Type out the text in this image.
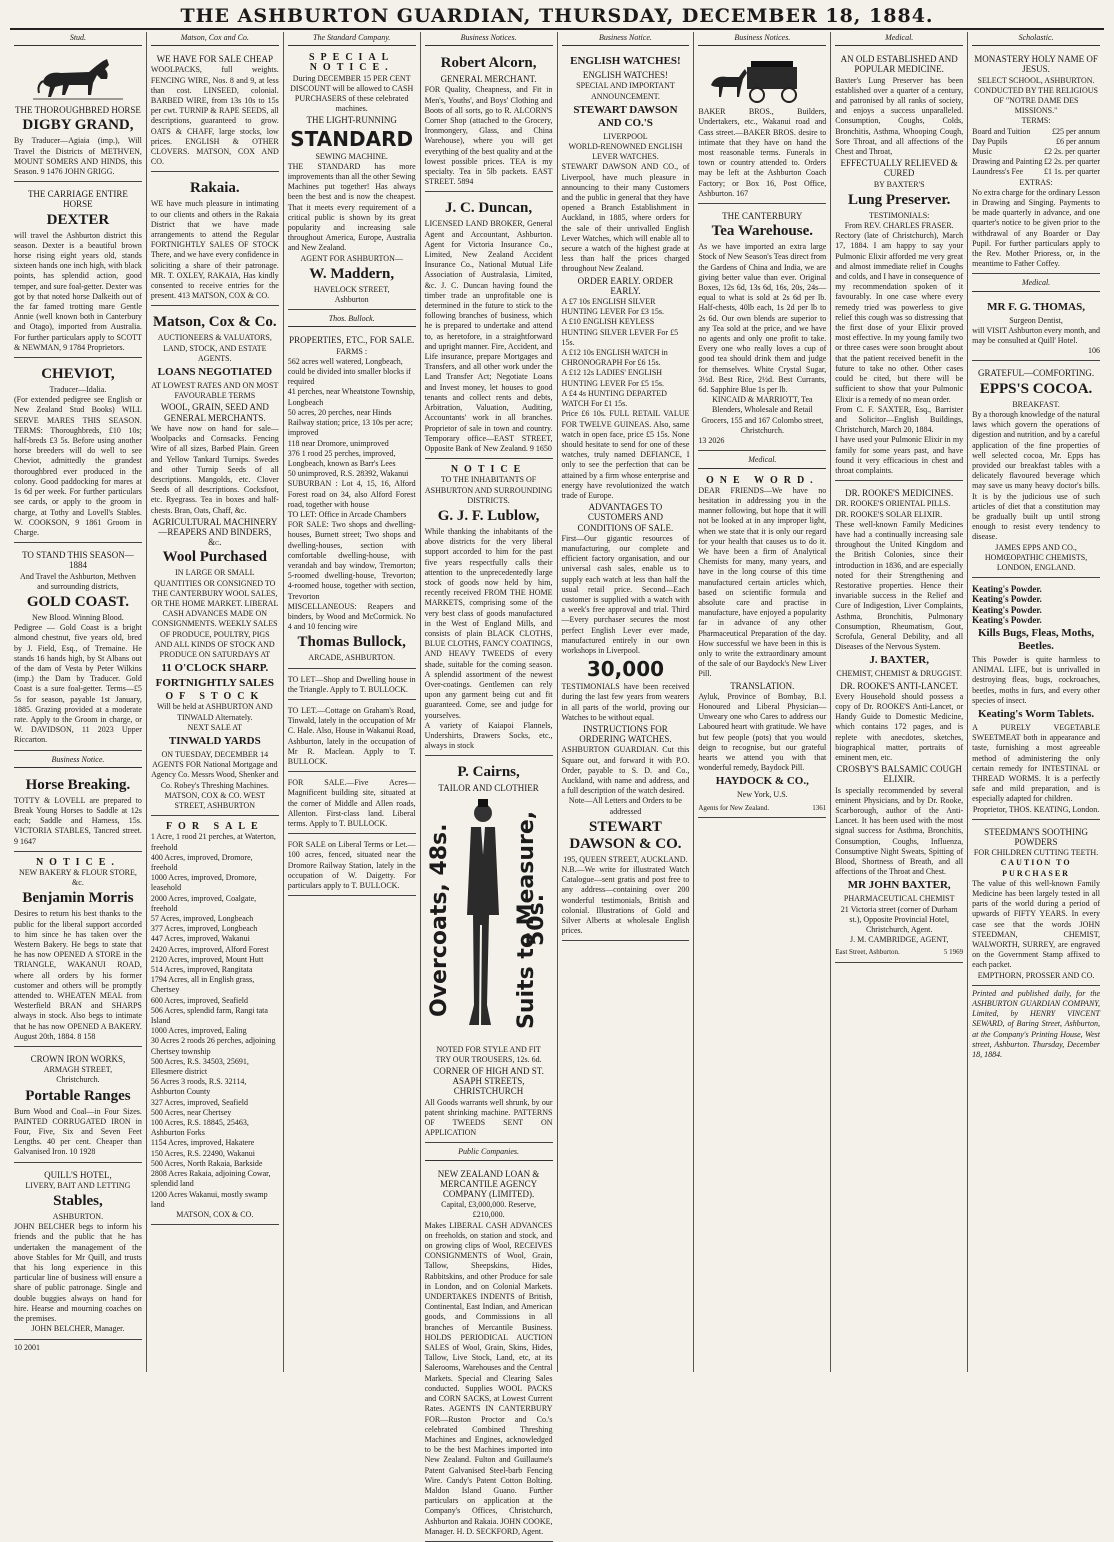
THE ASHBURTON GUARDIAN, THURSDAY, DECEMBER 18, 1884.
Stud.
THE THOROUGHBRED HORSE
DIGBY GRAND,
By Traducer—Agiaia (imp.), Will Travel the Districts of METHVEN, MOUNT SOMERS AND HINDS, this Season. 9 1476 JOHN GRIGG.
THE CARRIAGE ENTIRE HORSE
DEXTER
will travel the Ashburton district this season. Dexter is a beautiful brown horse rising eight years old, stands sixteen hands one inch high, with black points, has splendid action, good temper, and sure foal-getter. Dexter was got by that noted horse Dalkeith out of the far famed trotting mare Gentle Annie (well known both in Canterbury and Otago), imported from Australia. For further particulars apply to SCOTT & NEWMAN, 9 1784 Proprietors.
CHEVIOT,
Traducer—Idalia.
(For extended pedigree see English or New Zealand Stud Books) WILL SERVE MARES THIS SEASON. TERMS: Thoroughbreds, £10 10s; half-breds £3 5s. Before using another horse breeders will do well to see Cheviot, admittedly the grandest thoroughbred ever produced in the colony. Good paddocking for mares at 1s 6d per week. For further particulars see cards, or apply to the groom in charge, at Tothy and Lovell's Stables. W. COOKSON, 9 1861 Groom in Charge.
TO STAND THIS SEASON—1884
And Travel the Ashburton, Methven and surrounding districts,
GOLD COAST.
New Blood. Winning Blood.
Pedigree — Gold Coast is a bright almond chestnut, five years old, bred by J. Field, Esq., of Tremaine. He stands 16 hands high, by St Albans out of the dam of Vesta by Peter Wilkins (imp.) the Dam by Traducer. Gold Coast is a sure foal-getter. Terms—£5 5s for season, payable 1st January, 1885. Grazing provided at a moderate rate. Apply to the Groom in charge, or W. DAVIDSON, 11 2023 Upper Riccarton.
Business Notice.
Horse Breaking.
TOTTY & LOVELL are prepared to Break Young Horses to Saddle at 12s each; Saddle and Harness, 15s. VICTORIA STABLES, Tancred street. 9 1647
NOTICE.
NEW BAKERY & FLOUR STORE, &c.
Benjamin Morris
Desires to return his best thanks to the public for the liberal support accorded to him since he has taken over the Western Bakery. He begs to state that he has now OPENED A STORE in the TRIANGLE, WAKANUI ROAD, where all orders by his former customer and others will be promptly attended to. WHEATEN MEAL from Westerfield BRAN and SHARPS always in stock. Also begs to intimate that he has now OPENED A BAKERY. August 20th, 1884. 8 158
CROWN IRON WORKS,
ARMAGH STREET,
Christchurch.
Portable Ranges
Burn Wood and Coal—in Four Sizes. PAINTED CORRUGATED IRON in Four, Five, Six and Seven Feet Lengths. 40 per cent. Cheaper than Galvanised Iron. 10 1928
QUILL'S HOTEL,
LIVERY, BAIT AND LETTING
Stables,
ASHBURTON.
JOHN BELCHER begs to inform his friends and the public that he has undertaken the management of the above Stables for Mr Quill, and trusts that his long experience in this particular line of business will ensure a share of public patronage. Single and double buggies always on hand for hire. Hearse and mourning coaches on the premises.
JOHN BELCHER, Manager.
10 2001
Matson, Cox and Co.
WE HAVE FOR SALE CHEAP
WOOLPACKS, full weights. FENCING WIRE, Nos. 8 and 9, at less than cost. LINSEED, colonial. BARBED WIRE, from 13s 10s to 15s per cwt. TURNIP & RAPE SEEDS, all descriptions, guaranteed to grow. OATS & CHAFF, large stocks, low prices. ENGLISH & OTHER CLOVERS. MATSON, COX AND CO.
Rakaia.
WE have much pleasure in intimating to our clients and others in the Rakaia District that we have made arrangements to attend the Regular FORTNIGHTLY SALES OF STOCK There, and we have every confidence in soliciting a share of their patronage. MR. T. OXLEY, RAKAIA, Has kindly consented to receive entries for the present. 413 MATSON, COX & CO.
Matson, Cox & Co.
AUCTIONEERS & VALUATORS, LAND, STOCK, AND ESTATE AGENTS.
LOANS NEGOTIATED
AT LOWEST RATES AND ON MOST FAVOURABLE TERMS
WOOL, GRAIN, SEED AND GENERAL MERCHANTS.
We have now on hand for sale—Woolpacks and Cornsacks. Fencing Wire of all sizes, Barbed Plain. Green and Yellow Tankard Turnips. Swedes and other Turnip Seeds of all descriptions. Mangolds, etc. Clover Seeds of all descriptions. Cocksfoot, etc. Ryegrass. Tea in boxes and half-chests. Bran, Oats, Chaff, &c.
AGRICULTURAL MACHINERY—REAPERS AND BINDERS, &c.
Wool Purchased
IN LARGE OR SMALL QUANTITIES OR CONSIGNED TO THE CANTERBURY WOOL SALES, OR THE HOME MARKET. LIBERAL CASH ADVANCES MADE ON CONSIGNMENTS. WEEKLY SALES OF PRODUCE, POULTRY, PIGS AND ALL KINDS OF STOCK AND PRODUCE ON SATURDAYS AT
11 O'CLOCK SHARP.
FORTNIGHTLY SALES
OF STOCK
Will be held at ASHBURTON AND TINWALD Alternately.
NEXT SALE AT
TINWALD YARDS
ON TUESDAY, DECEMBER 14
AGENTS FOR National Mortgage and Agency Co. Messrs Wood, Shenker and Co. Robey's Threshing Machines. MATSON, COX & CO. WEST STREET, ASHBURTON
FOR SALE
1 Acre, 1 rood 21 perches, at Waterton, freehold
400 Acres, improved, Dromore, freehold
1000 Acres, improved, Dromore, leasehold
2000 Acres, improved, Coalgate, freehold
57 Acres, improved, Longbeach
377 Acres, improved, Longbeach
447 Acres, improved, Wakanui
2420 Acres, improved, Alford Forest
2120 Acres, improved, Mount Hutt
514 Acres, improved, Rangitata
1794 Acres, all in English grass, Chertsey
600 Acres, improved, Seafield
506 Acres, splendid farm, Rangi tata Island
1000 Acres, improved, Ealing
30 Acres 2 roods 26 perches, adjoining Chertsey township
500 Acres, R.S. 34503, 25691, Ellesmere district
56 Acres 3 roods, R.S. 32114, Ashburton County
327 Acres, improved, Seafield
500 Acres, near Chertsey
100 Acres, R.S. 18845, 25463, Ashburton Forks
1154 Acres, improved, Hakatere
150 Acres, R.S. 22490, Wakanui
500 Acres, North Rakaia, Barkside
2808 Acres Rakaia, adjoining Cowar, splendid land
1200 Acres Wakanui, mostly swamp land
MATSON, COX & CO.
The Standard Company.
SPECIAL NOTICE.
During DECEMBER 15 PER CENT DISCOUNT will be allowed to CASH PURCHASERS of these celebrated machines.
THE LIGHT-RUNNING
STANDARD
SEWING MACHINE.
THE STANDARD has more improvements than all the other Sewing Machines put together! Has always been the best and is now the cheapest. That it meets every requirement of a critical public is shown by its great popularity and increasing sale throughout America, Europe, Australia and New Zealand.
AGENT FOR ASHBURTON—
W. Maddern,
HAVELOCK STREET,
Ashburton
Thos. Bullock.
PROPERTIES, ETC., FOR SALE.
FARMS :
562 acres well watered, Longbeach, could be divided into smaller blocks if required
41 perches, near Wheatstone Township, Longbeach
50 acres, 20 perches, near Hinds Railway station; price, 13 10s per acre; improved
118 near Dromore, unimproved
376 1 rood 25 perches, improved, Longbeach, known as Barr's Lees
50 unimproved, R.S. 28392, Wakanui
SUBURBAN : Lot 4, 15, 16, Alford Forest road on 34, also Alford Forest road, together with house
TO LET: Office in Arcade Chambers
FOR SALE: Two shops and dwelling-houses, Burnett street; Two shops and dwelling-houses, section with comfortable dwelling-house, with verandah and bay window, Tremorton; 5-roomed dwelling-house, Trevorton; 4-roomed house, together with section, Trevorton
MISCELLANEOUS: Reapers and binders, by Wood and McCormick. No 4 and 10 fencing wire
Thomas Bullock,
ARCADE, ASHBURTON.
TO LET—Shop and Dwelling house in the Triangle. Apply to T. BULLOCK.
TO LET.—Cottage on Graham's Road, Tinwald, lately in the occupation of Mr C. Hale. Also, House in Wakanui Road, Ashburton, lately in the occupation of Mr R. Maclean. Apply to T. BULLOCK.
FOR SALE.—Five Acres—Magnificent building site, situated at the corner of Middle and Allen roads, Allenton. First-class land. Liberal terms. Apply to T. BULLOCK.
FOR SALE on Liberal Terms or Let.—100 acres, fenced, situated near the Dromore Railway Station, lately in the occupation of W. Daigetty. For particulars apply to T. BULLOCK.
Business Notices.
Robert Alcorn,
GENERAL MERCHANT.
FOR Quality, Cheapness, and Fit in Men's, Youths', and Boys' Clothing and Boots of all sorts, go to R. ALCORN'S Corner Shop (attached to the Grocery, Ironmongery, Glass, and China Warehouse), where you will get everything of the best quality and at the lowest possible prices. TEA is my specialty. Tea in 5lb packets. EAST STREET. 5894
J. C. Duncan,
LICENSED LAND BROKER, General Agent and Accountant, Ashburton. Agent for Victoria Insurance Co., Limited, New Zealand Accident Insurance Co., National Mutual Life Association of Australasia, Limited, &c. J. C. Duncan having found the timber trade an unprofitable one is determined in the future to stick to the following branches of business, which he is prepared to undertake and attend to, as heretofore, in a straightforward and upright manner. Fire, Accident, and Life insurance, prepare Mortgages and Transfers, and all other work under the Land Transfer Act; Negotiate Loans and Invest money, let houses to good tenants and collect rents and debts, Arbitration, Valuation, Auditing, Accountants' work in all branches. Proprietor of sale in town and country. Temporary office—EAST STREET, Opposite Bank of New Zealand. 9 1650
NOTICE
TO THE INHABITANTS OF ASHBURTON AND SURROUNDING DISTRICTS.
G. J. F. Lublow,
While thanking the inhabitants of the above districts for the very liberal support accorded to him for the past five years respectfully calls their attention to the unprecedentedly large stock of goods now held by him, recently received FROM THE HOME MARKETS, comprising some of the very best class of goods manufactured in the West of England Mills, and consists of plain BLACK CLOTHS, BLUE CLOTHS, FANCY COATINGS, AND HEAVY TWEEDS of every shade, suitable for the coming season. A splendid assortment of the newest Over-coatings. Gentlemen can rely upon any garment being cut and fit guaranteed. Come, see and judge for yourselves.
A variety of Kaiapoi Flannels, Undershirts, Drawers Socks, etc., always in stock
P. Cairns,
TAILOR AND CLOTHIER
Overcoats, 48s.	Suits to Measure, 50s.
NOTED FOR STYLE AND FIT
TRY OUR TROUSERS, 12s. 6d.
CORNER OF HIGH AND ST. ASAPH STREETS, CHRISTCHURCH
All Goods warrants well shrunk, by our patent shrinking machine. PATTERNS OF TWEEDS SENT ON APPLICATION
Public Companies.
NEW ZEALAND LOAN & MERCANTILE AGENCY COMPANY (LIMITED).
Capital, £3,000,000. Reserve, £210,000.
Makes LIBERAL CASH ADVANCES on freeholds, on station and stock, and on growing clips of Wool, RECEIVES CONSIGNMENTS of Wool, Grain, Tallow, Sheepskins, Hides, Rabbitskins, and other Produce for sale in London, and on Colonial Markets. UNDERTAKES INDENTS of British, Continental, East Indian, and American goods, and Commissions in all branches of Mercantile Business. HOLDS PERIODICAL AUCTION SALES of Wool, Grain, Skins, Hides, Tallow, Live Stock, Land, etc, at its Salerooms, Warehouses and the Central Markets. Special and Clearing Sales conducted. Supplies WOOL PACKS and CORN SACKS, at Lowest Current Rates. AGENTS IN CANTERBURY FOR—Ruston Proctor and Co.'s celebrated Combined Threshing Machines and Engines, acknowledged to be the best Machines imported into New Zealand. Fulton and Guillaume's Patent Galvanised Steel-barb Fencing Wire. Candy's Patent Cotton Bolting. Maldon Island Guano. Further particulars on application at the Company's Offices, Christchurch, Ashburton and Rakaia. JOHN COOKE, Manager. H. D. SECKFORD, Agent.
Business Notice.
ENGLISH WATCHES!
ENGLISH WATCHES!
SPECIAL AND IMPORTANT ANNOUNCEMENT.
STEWART DAWSON AND CO.'S
LIVERPOOL
WORLD-RENOWNED ENGLISH LEVER WATCHES.
STEWART DAWSON AND CO., of Liverpool, have much pleasure in announcing to their many Customers and the public in general that they have opened a Branch Establishment in Auckland, in 1885, where orders for the sale of their unrivalled English Lever Watches, which will enable all to secure a watch of the highest grade at less than half the prices charged throughout New Zealand.
ORDER EARLY. ORDER EARLY.
A £7 10s ENGLISH SILVER HUNTING LEVER For £3 15s.
A £10 ENGLISH KEYLESS HUNTING SILVER LEVER For £5 15s.
A £12 10s ENGLISH WATCH in CHRONOGRAPH For £6 15s.
A £12 12s LADIES' ENGLISH HUNTING LEVER For £5 15s.
A £4 4s HUNTING DEPARTED WATCH For £1 15s.
Price £6 10s. FULL RETAIL VALUE FOR TWELVE GUINEAS. Also, same watch in open face, price £5 15s. None should hesitate to send for one of these watches, truly named DEFIANCE, I only to see the perfection that can be attained by a firm whose enterprise and energy have revolutionized the watch trade of Europe.
ADVANTAGES TO CUSTOMERS AND CONDITIONS OF SALE.
First—Our gigantic resources of manufacturing, our complete and efficient factory organisation, and our universal cash sales, enable us to supply each watch at less than half the usual retail price. Second—Each customer is supplied with a watch with a week's free approval and trial. Third—Every purchaser secures the most perfect English Lever ever made, manufactured entirely in our own workshops in Liverpool.
30,000
TESTIMONIALS have been received during the last few years from wearers in all parts of the world, proving our Watches to be without equal.
INSTRUCTIONS FOR ORDERING WATCHES.
ASHBURTON GUARDIAN. Cut this Square out, and forward it with P.O. Order, payable to S. D. and Co., Auckland, with name and address, and a full description of the watch desired.
Note—All Letters and Orders to be addressed
STEWART DAWSON & CO.
195, QUEEN STREET, AUCKLAND.
N.B.—We write for illustrated Watch Catalogue—sent gratis and post free to any address—containing over 200 wonderful testimonials, British and colonial. Illustrations of Gold and Silver Alberts at wholesale English prices.
Business Notices.
BAKER BROS., Builders, Undertakers, etc., Wakanui road and Cass street.—BAKER BROS. desire to intimate that they have on hand the most reasonable terms. Funerals in town or country attended to. Orders may be left at the Ashburton Coach Factory; or Box 16, Post Office, Ashburton. 167
THE CANTERBURY
Tea Warehouse.
As we have imported an extra large Stock of New Season's Teas direct from the Gardens of China and India, we are giving better value than ever. Original Boxes, 12s 6d, 13s 6d, 16s, 20s, 24s—equal to what is sold at 2s 6d per lb. Half-chests, 40lb each, 1s 2d per lb to 2s 6d. Our own blends are superior to any Tea sold at the price, and we have no agents and only one profit to take. Every one who really loves a cup of good tea should drink them and judge for themselves. White Crystal Sugar, 3½d. Best Rice, 2½d. Best Currants, 6d. Sapphire Blue 1s per lb.
KINCAID & MARRIOTT, Tea Blenders, Wholesale and Retail Grocers, 155 and 167 Colombo street, Christchurch.
13 2026
Medical.
ONE WORD.
DEAR FRIENDS—We have no hesitation in addressing you in the manner following, but hope that it will not be looked at in any improper light, when we state that it is only our regard for your health that causes us to do it. We have been a firm of Analytical Chemists for many, many years, and have in the long course of this time manufactured certain articles which, based on scientific formula and absolute care and practise in manufacture, have enjoyed a popularity far in advance of any other Pharmaceutical Preparation of the day. How successful we have been in this is only to write the extraordinary amount of the sale of our Baydock's New Liver Pill.
TRANSLATION.
Ayluk, Province of Bombay, B.I. Honoured and Liberal Physician—Unweary one who Cares to address our Laboured heart with gratitude. We have but few people (pots) that you would deign to recognise, but our grateful hearts we attend you with that wonderful remedy, Baydock Pill.
HAYDOCK & CO.,
New York, U.S.
Agents for New Zealand.	1361
Medical.
AN OLD ESTABLISHED AND POPULAR MEDICINE.
Baxter's Lung Preserver has been established over a quarter of a century, and patronised by all ranks of society, and enjoys a success unparalleled. Consumption, Coughs, Colds, Bronchitis, Asthma, Whooping Cough, Sore Throat, and all affections of the Chest and Throat,
EFFECTUALLY RELIEVED & CURED
BY BAXTER'S
Lung Preserver.
TESTIMONIALS:
From REV. CHARLES FRASER.
Rectory (late of Christchurch), March 17, 1884. I am happy to say your Pulmonic Elixir afforded me very great and almost immediate relief in Coughs and colds, and I have in consequence of my recommendation spoken of it favourably. In one case where every remedy tried was powerless to give relief this cough was so distressing that the first dose of your Elixir proved most effective. In my young family two or three cases were soon brought about that the patient received benefit in the future to take no other. Other cases could be cited, but there will be sufficient to show that your Pulmonic Elixir is a remedy of no mean order.
From C. F. SAXTER, Esq., Barrister and Solicitor—English Buildings, Christchurch, March 20, 1884.
I have used your Pulmonic Elixir in my family for some years past, and have found it very efficacious in chest and throat complaints.
DR. ROOKE'S MEDICINES.
DR. ROOKE'S ORIENTAL PILLS.
DR. ROOKE'S SOLAR ELIXIR.
These well-known Family Medicines have had a continually increasing sale throughout the United Kingdom and the British Colonies, since their introduction in 1836, and are especially noted for their Strengthening and Restorative properties. Hence their invariable success in the Relief and Cure of Indigestion, Liver Complaints, Asthma, Bronchitis, Pulmonary Consumption, Rheumatism, Gout, Scrofula, General Debility, and all Diseases of the Nervous System.
J. BAXTER,
CHEMIST, CHEMIST & DRUGGIST.
DR. ROOKE'S ANTI-LANCET.
Every Household should possess a copy of Dr. ROOKE'S Anti-Lancet, or Handy Guide to Domestic Medicine, which contains 172 pages, and is replete with anecdotes, sketches, biographical matter, portraits of eminent men, etc.
CROSBY'S BALSAMIC COUGH ELIXIR.
Is specially recommended by several eminent Physicians, and by Dr. Rooke, Scarborough, author of the Anti-Lancet. It has been used with the most signal success for Asthma, Bronchitis, Consumption, Coughs, Influenza, Consumptive Night Sweats, Spitting of Blood, Shortness of Breath, and all affections of the Throat and Chest.
MR JOHN BAXTER,
PHARMACEUTICAL CHEMIST
21 Victoria street (corner of Durham st.), Opposite Provincial Hotel, Christchurch, Agent.
J. M. CAMBRIDGE, AGENT,
East Street, Ashburton.	5 1969
Scholastic.
MONASTERY HOLY NAME OF JESUS.
SELECT SCHOOL, ASHBURTON.
CONDUCTED BY THE RELIGIOUS OF "NOTRE DAME DES MISSIONS."
TERMS:
Board and Tuition	£25 per annum
Day Pupils	£6 per annum
Music	£2 2s. per quarter
Drawing and Painting £2 2s. per quarter
Laundress's Fee	£1 1s. per quarter
EXTRAS:
No extra charge for the ordinary Lesson in Drawing and Singing. Payments to be made quarterly in advance, and one quarter's notice to be given prior to the withdrawal of any Boarder or Day Pupil. For further particulars apply to the Rev. Mother Prioress, or, in the meantime to Father Coffey.
Medical.
MR F. G. THOMAS,
Surgeon Dentist,
will VISIT Ashburton every month, and may be consulted at Quill' Hotel.
106
GRATEFUL—COMFORTING.
EPPS'S COCOA.
BREAKFAST.
By a thorough knowledge of the natural laws which govern the operations of digestion and nutrition, and by a careful application of the fine properties of well selected cocoa, Mr. Epps has provided our breakfast tables with a delicately flavoured beverage which may save us many heavy doctor's bills. It is by the judicious use of such articles of diet that a constitution may be gradually built up until strong enough to resist every tendency to disease.
JAMES EPPS AND CO., HOMŒOPATHIC CHEMISTS, LONDON, ENGLAND.
Keating's Powder.
Keating's Powder.
Keating's Powder.
Keating's Powder.
Kills Bugs, Fleas, Moths, Beetles.
This Powder is quite harmless to ANIMAL LIFE, but is unrivalled in destroying fleas, bugs, cockroaches, beetles, moths in furs, and every other species of insect.
Keating's Worm Tablets.
A PURELY VEGETABLE SWEETMEAT both in appearance and taste, furnishing a most agreeable method of administering the only certain remedy for INTESTINAL or THREAD WORMS. It is a perfectly safe and mild preparation, and is especially adapted for children.
Proprietor, THOS. KEATING, London.
STEEDMAN'S SOOTHING POWDERS
FOR CHILDREN CUTTING TEETH.
CAUTION TO PURCHASER
The value of this well-known Family Medicine has been largely tested in all parts of the world during a period of upwards of FIFTY YEARS. In every case see that the words JOHN STEEDMAN, CHEMIST, WALWORTH, SURREY, are engraved on the Government Stamp affixed to each packet.
EMPTHORN, PROSSER AND CO.
Printed and published daily, for the ASHBURTON GUARDIAN COMPANY, Limited, by HENRY VINCENT SEWARD, of Baring Street, Ashburton, at the Company's Printing House, West street, Ashburton. Thursday, December 18, 1884.
